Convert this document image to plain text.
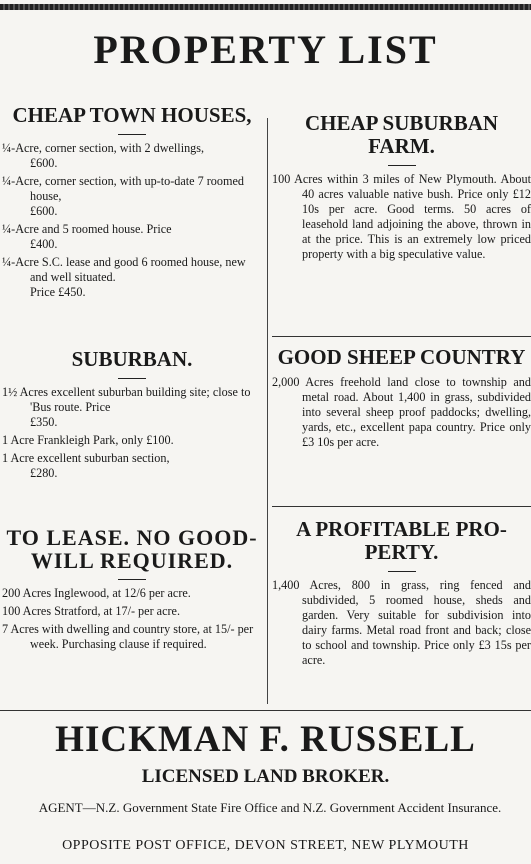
PROPERTY LIST

CHEAP TOWN HOUSES,

¼-Acre, corner section, with 2 dwellings,
£600.

¼-Acre, corner section, with up-to-date 7 roomed house,
£600.

¼-Acre and 5 roomed house. Price
£400.

¼-Acre S.C. lease and good 6 roomed house, new and well situated.
Price £450.

SUBURBAN.

1½ Acres excellent suburban building site; close to 'Bus route. Price
£350.

1 Acre Frankleigh Park, only £100.

1 Acre excellent suburban section,
£280.

TO LEASE. NO GOOD-

WILL REQUIRED.

200 Acres Inglewood, at 12/6 per acre.

100 Acres Stratford, at 17/- per acre.

7 Acres with dwelling and country store, at 15/- per week. Purchasing clause if required.

CHEAP SUBURBAN

FARM.

100 Acres within 3 miles of New Plymouth. About 40 acres valuable native bush. Price only £12 10s per acre. Good terms. 50 acres of leasehold land adjoining the above, thrown in at the price. This is an extremely low priced property with a big speculative value.

GOOD SHEEP COUNTRY

2,000 Acres freehold land close to township and metal road. About 1,400 in grass, subdivided into several sheep proof paddocks; dwelling, yards, etc., excellent papa country. Price only £3 10s per acre.

A PROFITABLE PRO-

PERTY.

1,400 Acres, 800 in grass, ring fenced and subdivided, 5 roomed house, sheds and garden. Very suitable for subdivision into dairy farms. Metal road front and back; close to school and township. Price only £3 15s per acre.

HICKMAN F. RUSSELL

LICENSED LAND BROKER.

AGENT—N.Z. Government State Fire Office and N.Z. Government Accident Insurance.

OPPOSITE POST OFFICE, DEVON STREET, NEW PLYMOUTH
